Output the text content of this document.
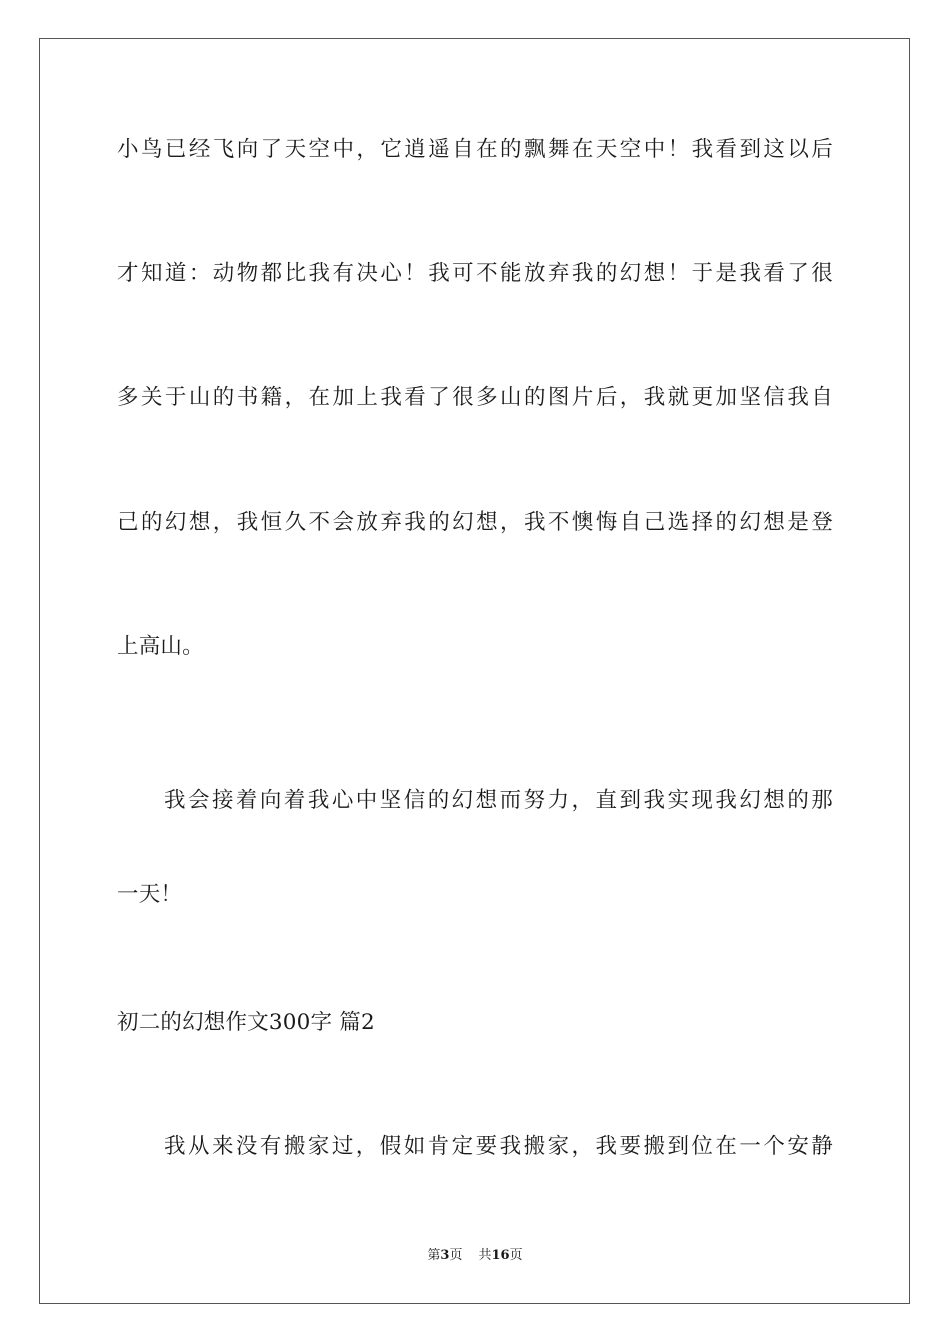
小鸟已经飞向了天空中，它逍遥自在的飘舞在天空中！我看到这以后
才知道：动物都比我有决心！我可不能放弃我的幻想！于是我看了很
多关于山的书籍，在加上我看了很多山的图片后，我就更加坚信我自
己的幻想，我恒久不会放弃我的幻想，我不懊悔自己选择的幻想是登
上高山。
我会接着向着我心中坚信的幻想而努力，直到我实现我幻想的那
一天！
初二的幻想作文300字 篇2
我从来没有搬家过，假如肯定要我搬家，我要搬到位在一个安静
第3页 共16页
